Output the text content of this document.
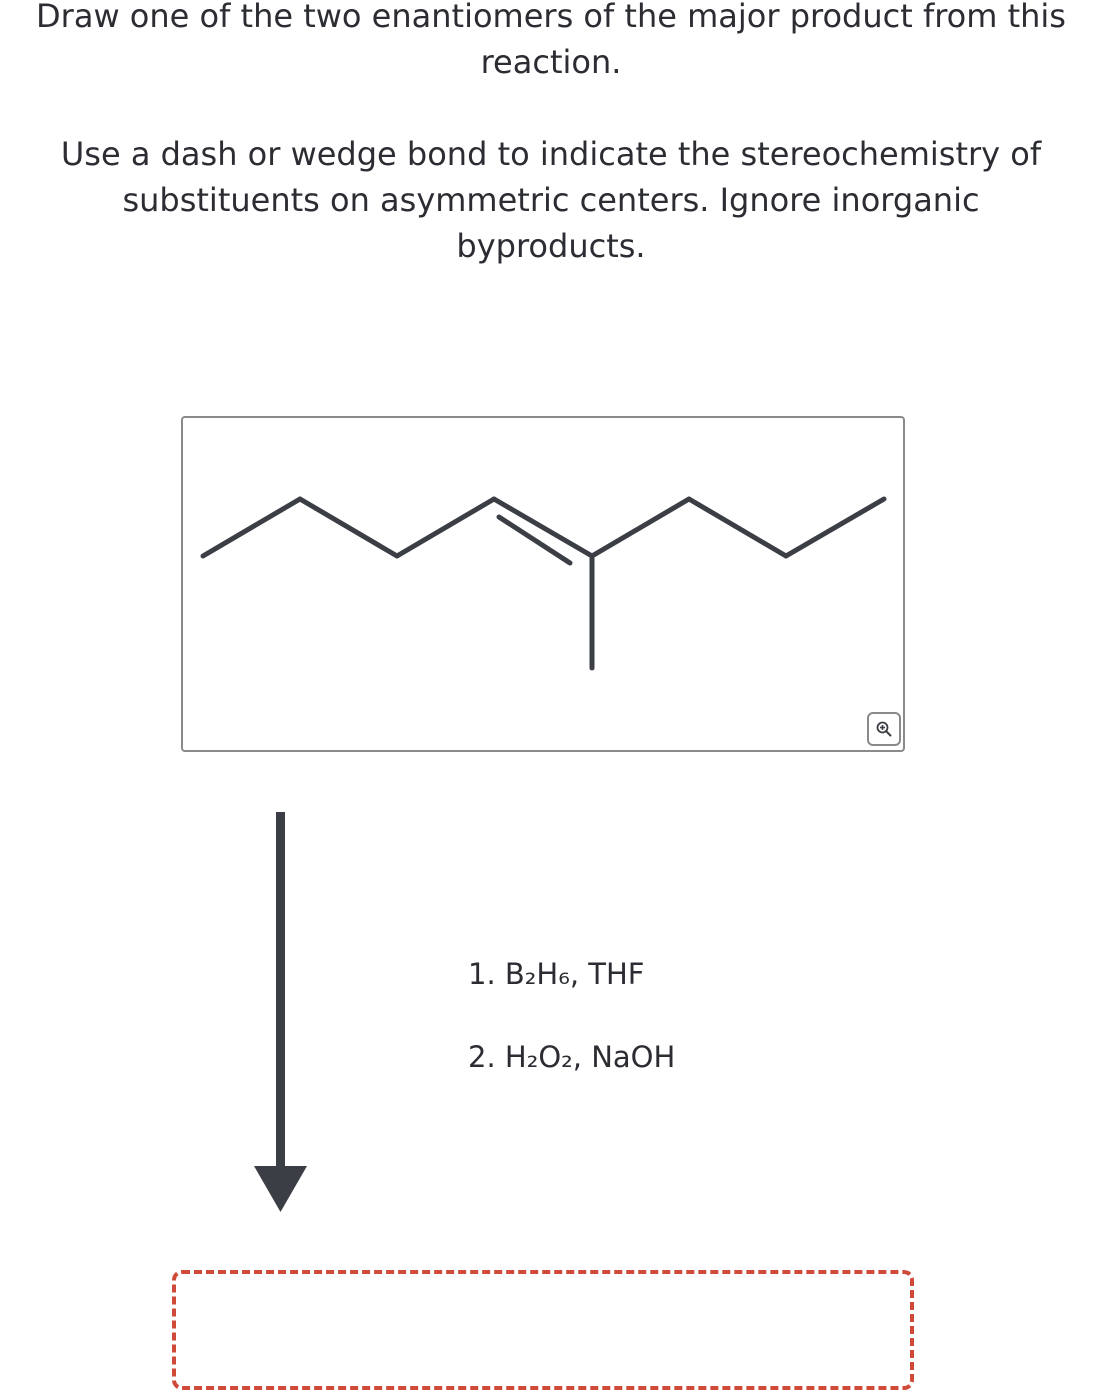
Draw one of the two enantiomers of the major product from this
reaction.
Use a dash or wedge bond to indicate the stereochemistry of
substituents on asymmetric centers. Ignore inorganic
byproducts.
1. B₂H₆, THF
2. H₂O₂, NaOH
